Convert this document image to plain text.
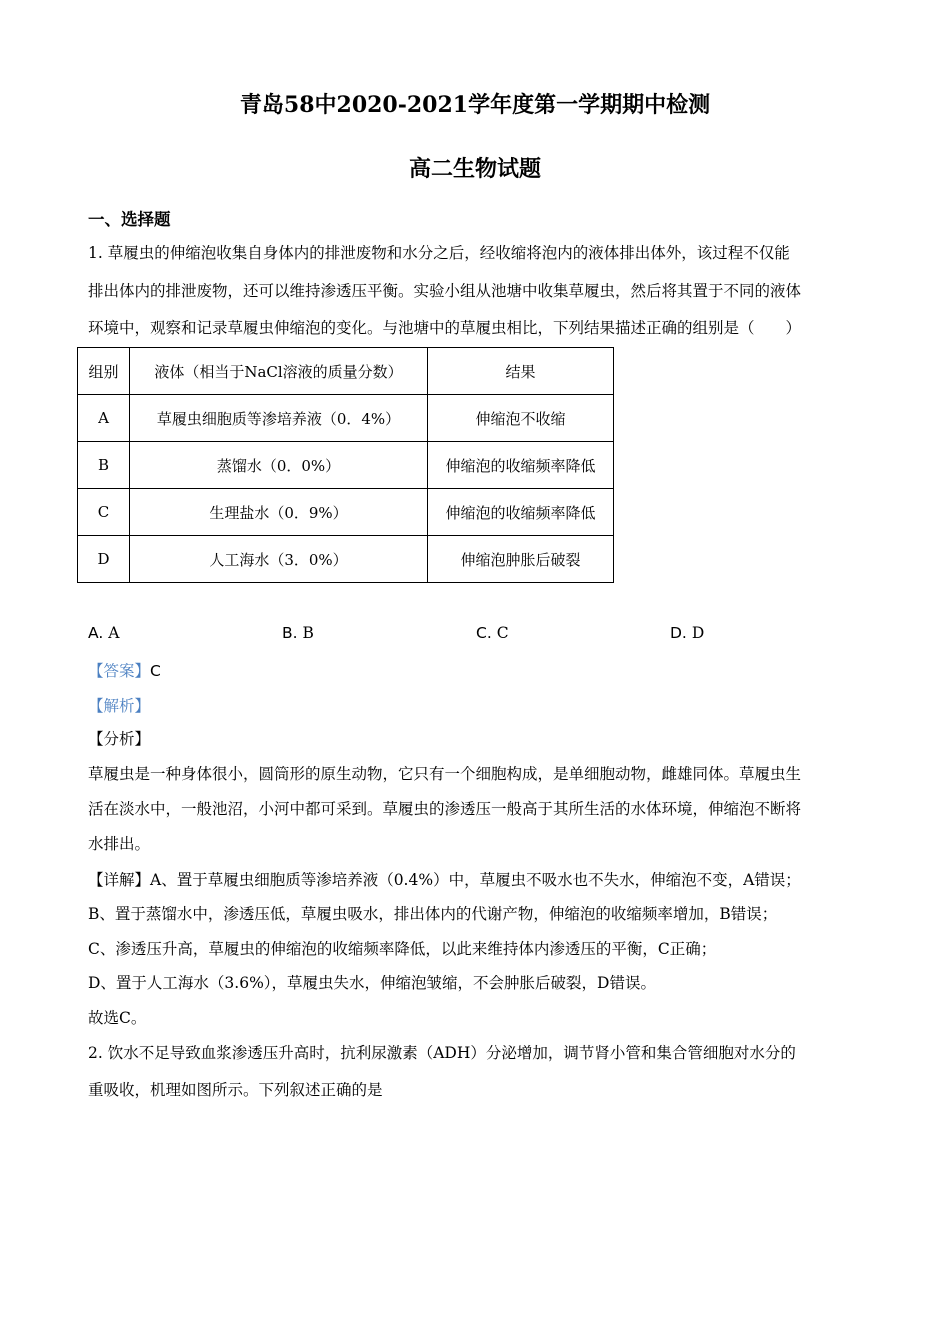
青岛58中2020-2021学年度第一学期期中检测
高二生物试题
一、选择题
1. 草履虫的伸缩泡收集自身体内的排泄废物和水分之后，经收缩将泡内的液体排出体外，该过程不仅能
排出体内的排泄废物，还可以维持渗透压平衡。实验小组从池塘中收集草履虫，然后将其置于不同的液体
环境中，观察和记录草履虫伸缩泡的变化。与池塘中的草履虫相比，下列结果描述正确的组别是（　　）
组别	液体（相当于NaCl溶液的质量分数）	结果
A	草履虫细胞质等渗培养液（0．4%）	伸缩泡不收缩
B	蒸馏水（0．0%）	伸缩泡的收缩频率降低
C	生理盐水（0．9%）	伸缩泡的收缩频率降低
D	人工海水（3．0%）	伸缩泡肿胀后破裂
A. A	B. B	C. C	D. D
【答案】C
【解析】
【分析】
草履虫是一种身体很小，圆筒形的原生动物，它只有一个细胞构成，是单细胞动物，雌雄同体。草履虫生
活在淡水中，一般池沼，小河中都可采到。草履虫的渗透压一般高于其所生活的水体环境，伸缩泡不断将
水排出。
【详解】A、置于草履虫细胞质等渗培养液（0.4%）中，草履虫不吸水也不失水，伸缩泡不变，A错误；
B、置于蒸馏水中，渗透压低，草履虫吸水，排出体内的代谢产物，伸缩泡的收缩频率增加，B错误；
C、渗透压升高，草履虫的伸缩泡的收缩频率降低，以此来维持体内渗透压的平衡，C正确；
D、置于人工海水（3.6%），草履虫失水，伸缩泡皱缩，不会肿胀后破裂，D错误。
故选C。
2. 饮水不足导致血浆渗透压升高时，抗利尿激素（ADH）分泌增加，调节肾小管和集合管细胞对水分的
重吸收，机理如图所示。下列叙述正确的是
